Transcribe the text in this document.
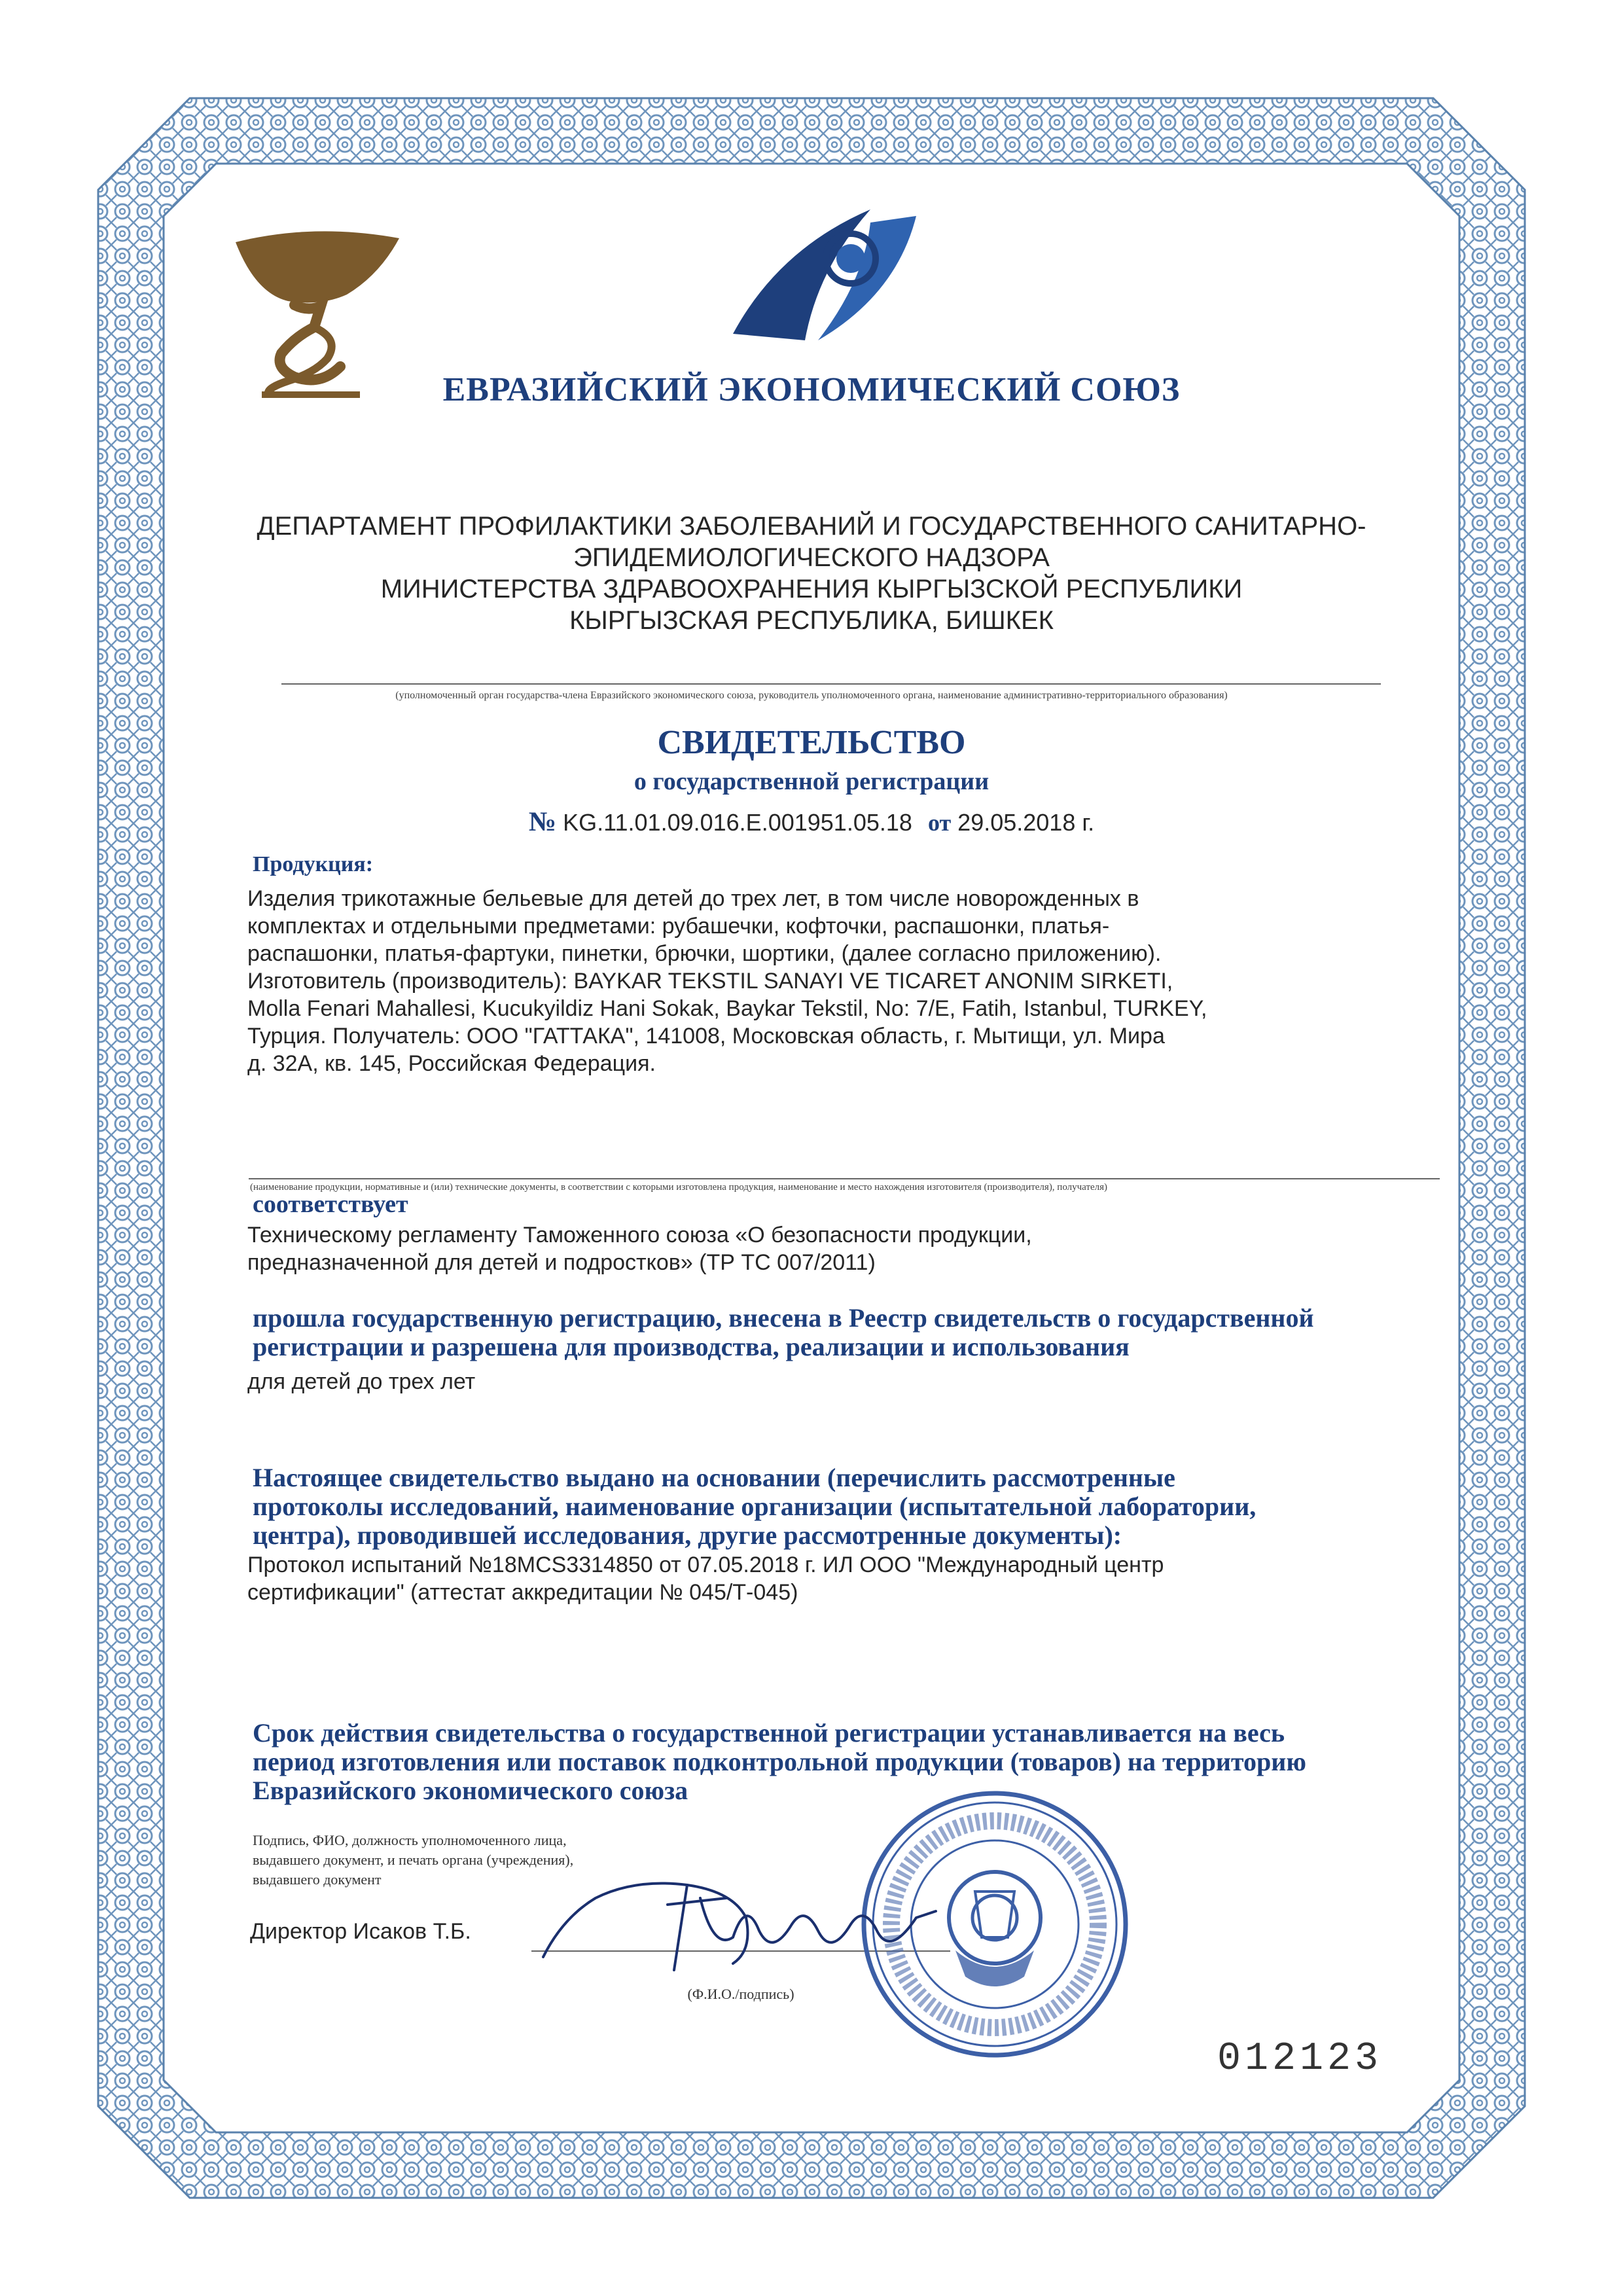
ЕВРАЗИЙСКИЙ ЭКОНОМИЧЕСКИЙ СОЮЗ
ДЕПАРТАМЕНТ ПРОФИЛАКТИКИ ЗАБОЛЕВАНИЙ И ГОСУДАРСТВЕННОГО САНИТАРНО-
ЭПИДЕМИОЛОГИЧЕСКОГО НАДЗОРА
МИНИСТЕРСТВА ЗДРАВООХРАНЕНИЯ КЫРГЫЗСКОЙ РЕСПУБЛИКИ
КЫРГЫЗСКАЯ РЕСПУБЛИКА, БИШКЕК
(уполномоченный орган государства-члена Евразийского экономического союза, руководитель уполномоченного органа, наименование административно-территориального образования)
СВИДЕТЕЛЬСТВО
о государственной регистрации
№ KG.11.01.09.016.E.001951.05.18 от 29.05.2018 г.
Продукция:
Изделия трикотажные бельевые для детей до трех лет, в том числе новорожденных в
комплектах и отдельными предметами: рубашечки, кофточки, распашонки, платья-
распашонки, платья-фартуки, пинетки, брючки, шортики, (далее согласно приложению).
Изготовитель (производитель): BAYKAR TEKSTIL SANAYI VE TICARET ANONIM SIRKETI,
Molla Fenari Mahallesi, Kucukyildiz Hani Sokak, Baykar Tekstil, No: 7/E, Fatih, Istanbul, TURKEY,
Турция. Получатель: ООО "ГАТТАКА", 141008, Московская область, г. Мытищи, ул. Мира
д. 32А, кв. 145, Российская Федерация.
(наименование продукции, нормативные и (или) технические документы, в соответствии с которыми изготовлена продукция, наименование и место нахождения изготовителя (производителя), получателя)
соответствует
Техническому регламенту Таможенного союза «О безопасности продукции,
предназначенной для детей и подростков» (ТР ТС 007/2011)
прошла государственную регистрацию, внесена в Реестр свидетельств о государственной
регистрации и разрешена для производства, реализации и использования
для детей до трех лет
Настоящее свидетельство выдано на основании (перечислить рассмотренные
протоколы исследований, наименование организации (испытательной лаборатории,
центра), проводившей исследования, другие рассмотренные документы):
Протокол испытаний №18MCS3314850 от 07.05.2018 г. ИЛ ООО "Международный центр
сертификации" (аттестат аккредитации № 045/Т-045)
Срок действия свидетельства о государственной регистрации устанавливается на весь
период изготовления или поставок подконтрольной продукции (товаров) на территорию
Евразийского экономического союза
Подпись, ФИО, должность уполномоченного лица,
выдавшего документ, и печать органа (учреждения),
выдавшего документ
Директор Исаков Т.Б.
(Ф.И.О./подпись)
012123
